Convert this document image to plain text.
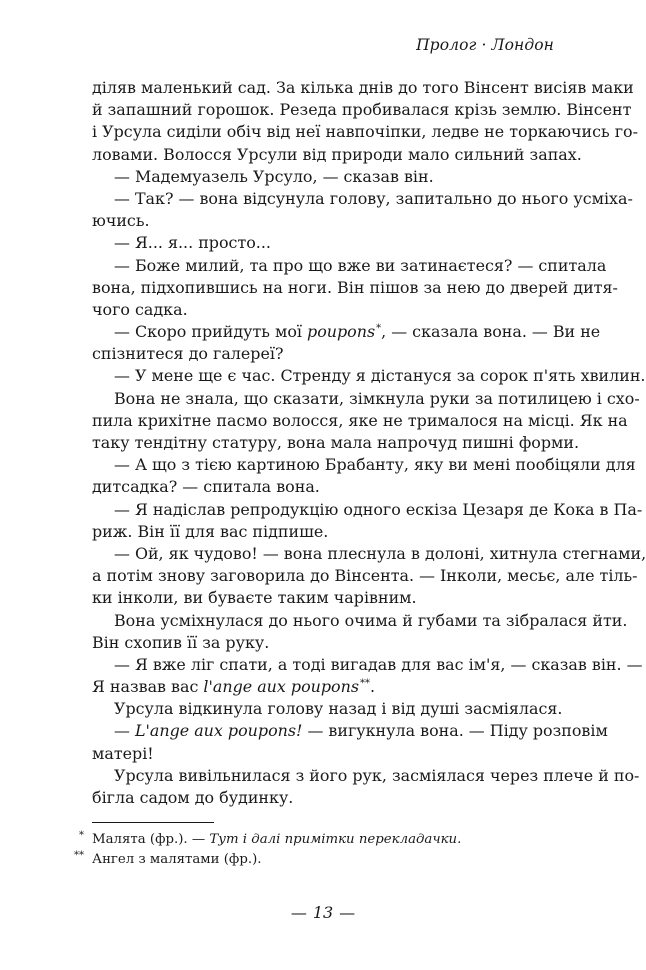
Пролог · Лондон
діляв маленький сад. За кілька днів до того Вінсент висіяв маки
й запашний горошок. Резеда пробивалася крізь землю. Вінсент
і Урсула сиділи обіч від неї навпочіпки, ледве не торкаючись го-
ловами. Волосся Урсули від природи мало сильний запах.
— Мадемуазель Урсуло, — сказав він.
— Так? — вона відсунула голову, запитально до нього усміха-
ючись.
— Я... я... просто...
— Боже милий, та про що вже ви затинаєтеся? — спитала
вона, підхопившись на ноги. Він пішов за нею до дверей дитя-
чого садка.
— Скоро прийдуть мої poupons*, — сказала вона. — Ви не
спізнитеся до галереї?
— У мене ще є час. Стренду я дістануся за сорок п'ять хвилин.
Вона не знала, що сказати, зімкнула руки за потилицею і схо-
пила крихітне пасмо волосся, яке не трималося на місці. Як на
таку тендітну статуру, вона мала напрочуд пишні форми.
— А що з тією картиною Брабанту, яку ви мені пообіцяли для
дитсадка? — спитала вона.
— Я надіслав репродукцію одного ескіза Цезаря де Кока в Па-
риж. Він її для вас підпише.
— Ой, як чудово! — вона плеснула в долоні, хитнула стегнами,
а потім знову заговорила до Вінсента. — Інколи, месьє, але тіль-
ки інколи, ви буваєте таким чарівним.
Вона усміхнулася до нього очима й губами та зібралася йти.
Він схопив її за руку.
— Я вже ліг спати, а тоді вигадав для вас ім'я, — сказав він. —
Я назвав вас l'ange aux poupons**.
Урсула відкинула голову назад і від душі засміялася.
— L'ange aux poupons! — вигукнула вона. — Піду розповім
матері!
Урсула вивільнилася з його рук, засміялася через плече й по-
бігла садом до будинку.
* Малята (фр.). — Тут і далі примітки перекладачки.
** Ангел з малятами (фр.).
— 13 —
